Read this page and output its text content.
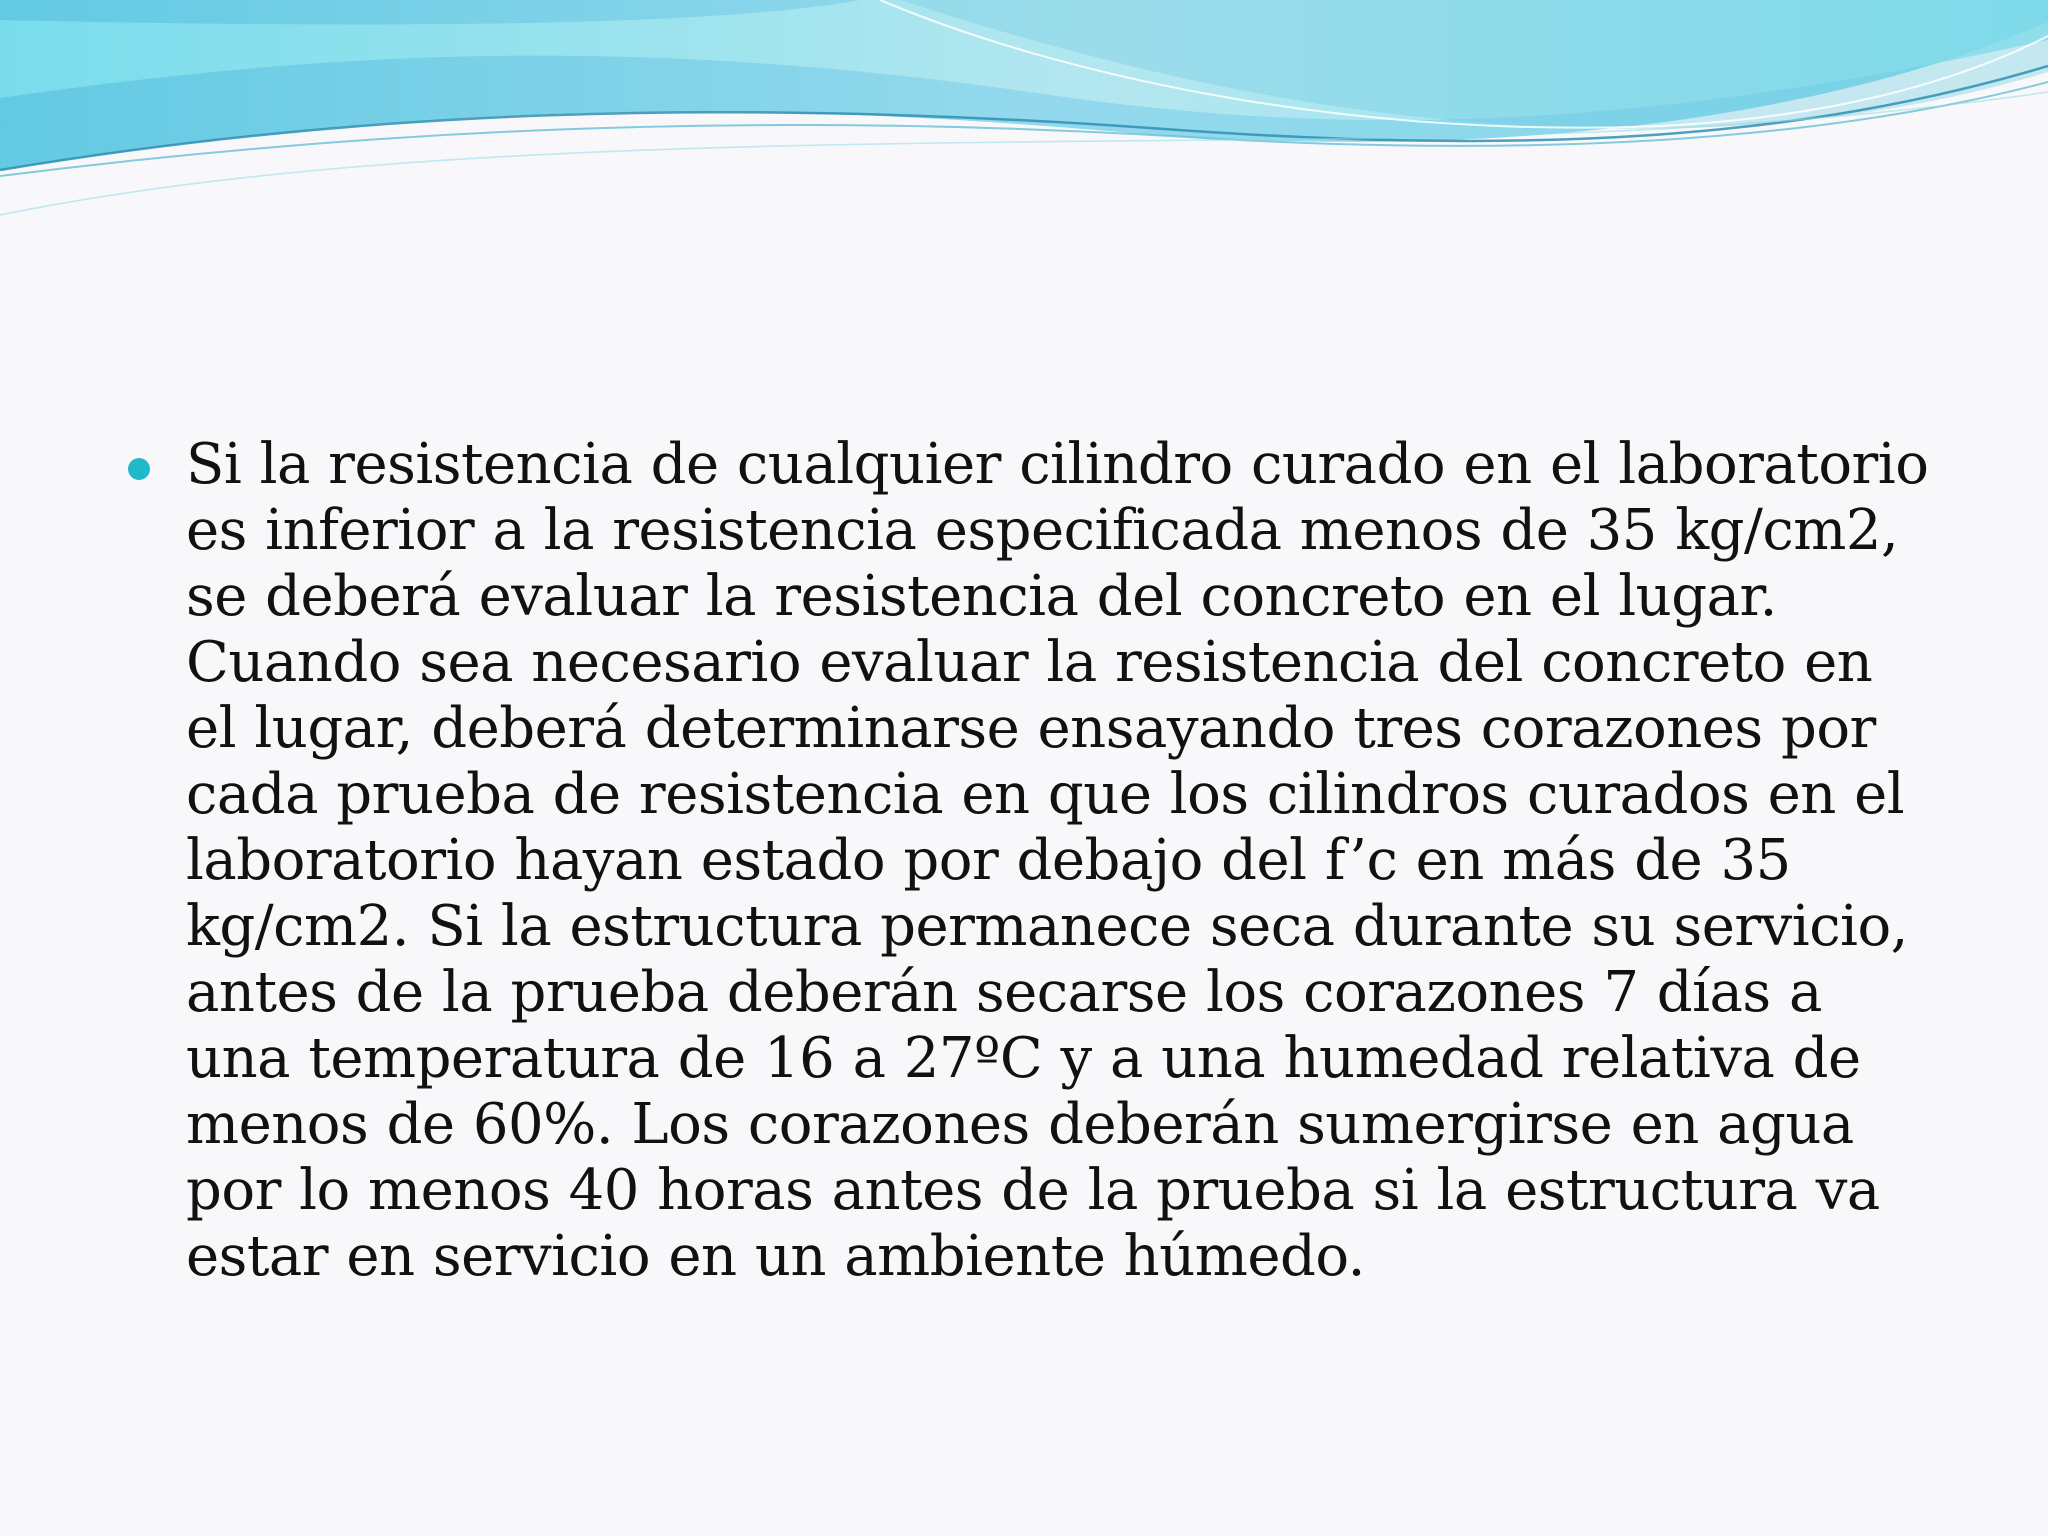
Si la resistencia de cualquier cilindro curado en el laboratorio es inferior a la resistencia especificada menos de 35 kg/cm2, se deberá evaluar la resistencia del concreto en el lugar. Cuando sea necesario evaluar la resistencia del concreto en el lugar, deberá determinarse ensayando tres corazones por cada prueba de resistencia en que los cilindros curados en el laboratorio hayan estado por debajo del f’c en más de 35 kg/cm2. Si la estructura permanece seca durante su servicio, antes de la prueba deberán secarse los corazones 7 días a una temperatura de 16 a 27ºC y a una humedad relativa de menos de 60%. Los corazones deberán sumergirse en agua por lo menos 40 horas antes de la prueba si la estructura va estar en servicio en un ambiente húmedo.
